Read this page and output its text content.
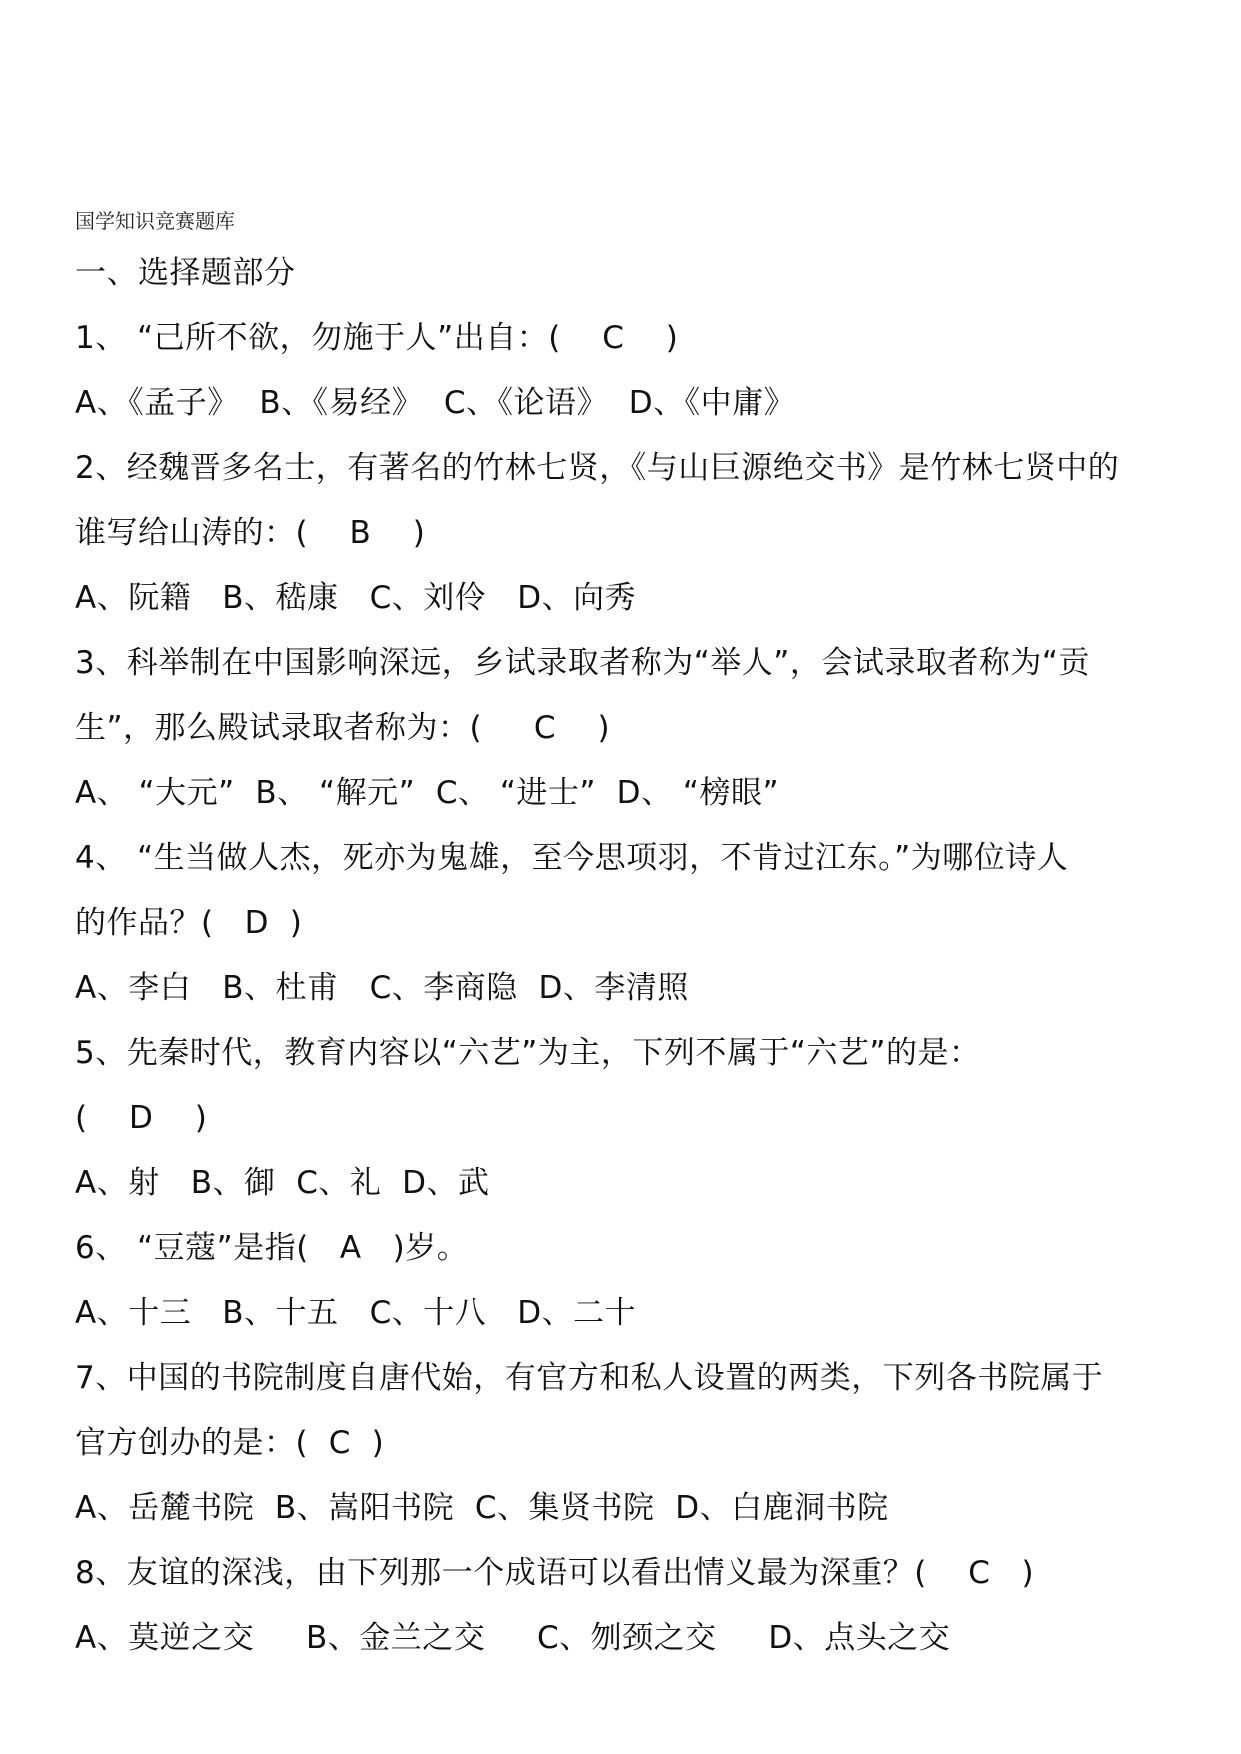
国学知识竞赛题库
一、选择题部分
1、 “己所不欲，勿施于人”出自：(    C    )
A、《孟子》  B、《易经》  C、《论语》  D、《中庸》
2、经魏晋多名士，有著名的竹林七贤，《与山巨源绝交书》是竹林七贤中的
谁写给山涛的：(    B    )
A、阮籍   B、嵇康   C、刘伶   D、向秀
3、科举制在中国影响深远，乡试录取者称为“举人”，会试录取者称为“贡
生”，那么殿试录取者称为：(     C    )
A、 “大元”  B、 “解元”  C、 “进士”  D、 “榜眼”
4、 “生当做人杰，死亦为鬼雄，至今思项羽，不肯过江东。”为哪位诗人
的作品？(   D  )
A、李白   B、杜甫   C、李商隐  D、李清照
5、先秦时代，教育内容以“六艺”为主，下列不属于“六艺”的是：
(    D    )
A、射   B、御  C、礼  D、武
6、 “豆蔻”是指(   A   )岁。
A、十三   B、十五   C、十八   D、二十
7、中国的书院制度自唐代始，有官方和私人设置的两类，下列各书院属于
官方创办的是：(  C  )
A、岳麓书院  B、嵩阳书院  C、集贤书院  D、白鹿洞书院
8、友谊的深浅，由下列那一个成语可以看出情义最为深重？(    C   )
A、莫逆之交     B、金兰之交     C、刎颈之交     D、点头之交
